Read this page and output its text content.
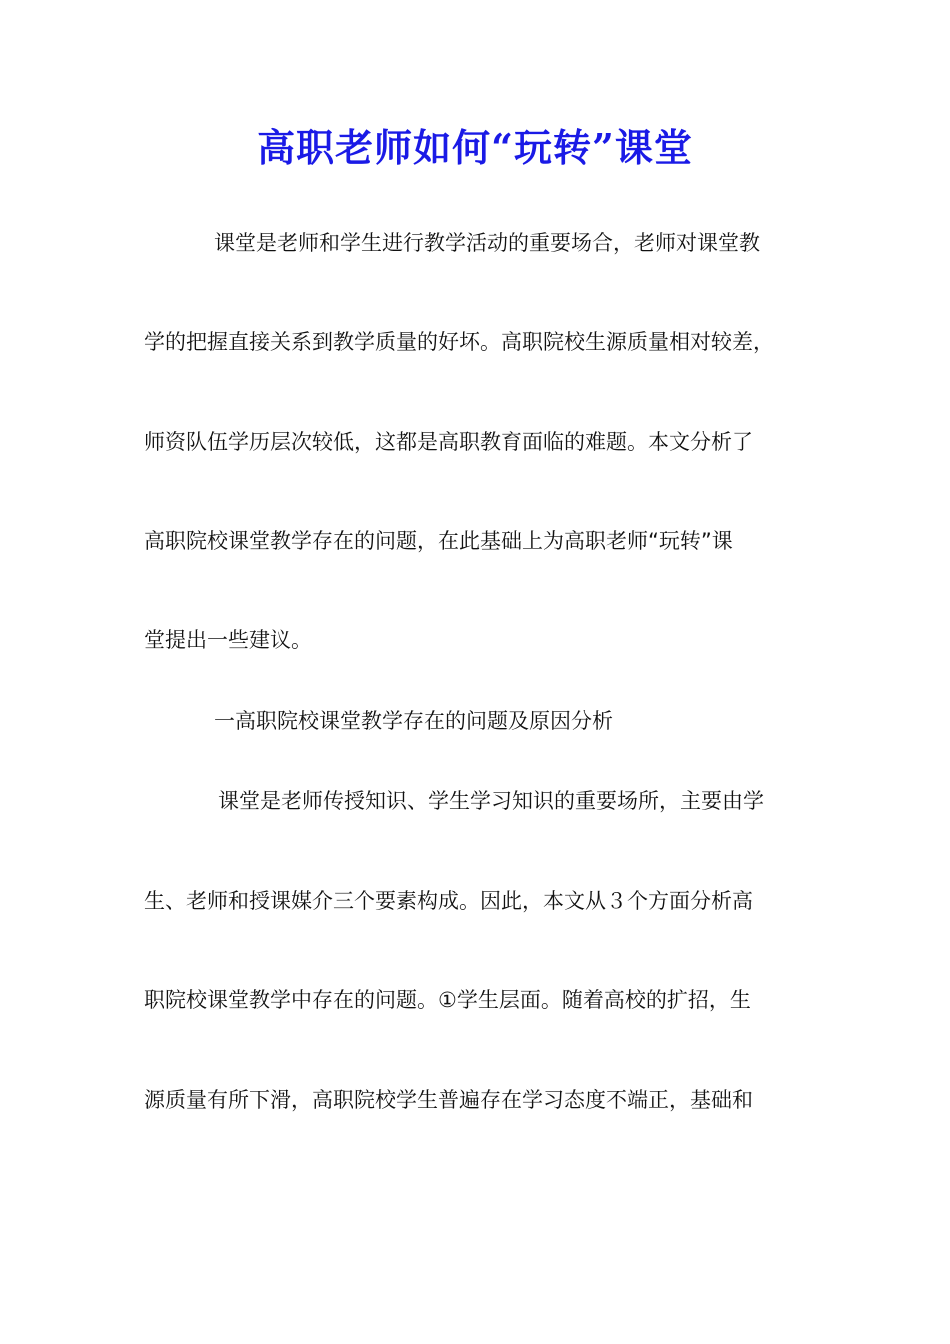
高职老师如何“玩转”课堂
课堂是老师和学生进行教学活动的重要场合，老师对课堂教
学的把握直接关系到教学质量的好坏。高职院校生源质量相对较差，
师资队伍学历层次较低，这都是高职教育面临的难题。本文分析了
高职院校课堂教学存在的问题，在此基础上为高职老师“玩转”课
堂提出一些建议。
一高职院校课堂教学存在的问题及原因分析
课堂是老师传授知识、学生学习知识的重要场所，主要由学
生、老师和授课媒介三个要素构成。因此，本文从３个方面分析高
职院校课堂教学中存在的问题。①学生层面。随着高校的扩招，生
源质量有所下滑，高职院校学生普遍存在学习态度不端正，基础和
